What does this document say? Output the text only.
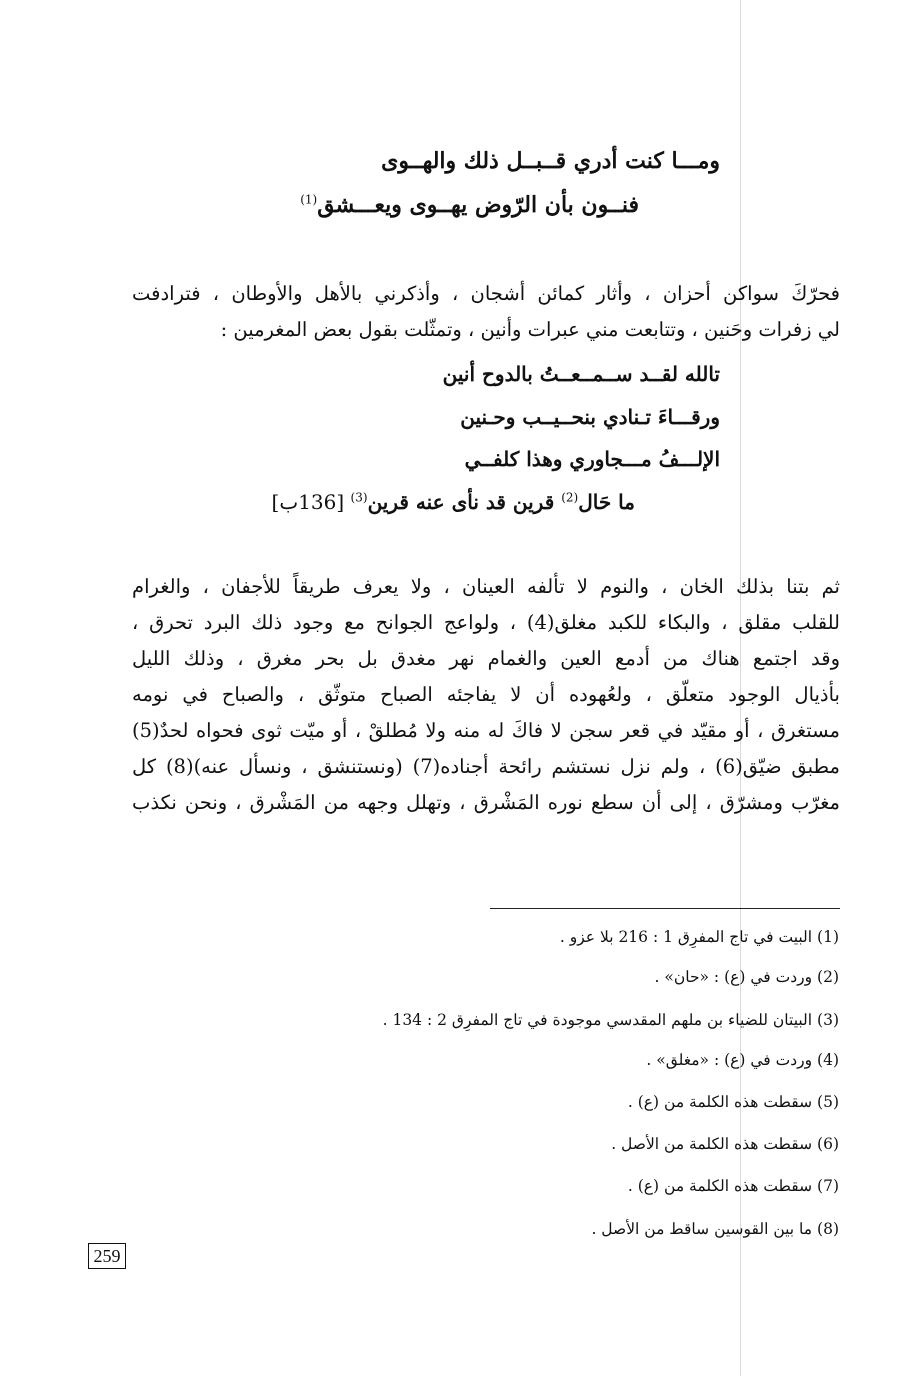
ومـــا كنت أدري قــبــل ذلك والهــوى
فنــون بأن الرّوض يهــوى ويعـــشق$^{(1)}$
فحرّكَ سواكن أحزان ، وأثار كمائن أشجان ، وأذكرني بالأهل والأوطان ، فترادفت
لي زفرات وحَنين ، وتتابعت مني عبرات وأنين ، وتمثّلت بقول بعض المغرمين :
تالله لقــد ســمــعــتُ بالدوح أنين
ورقـــاءَ تـنادي بنحــيــب وحـنين
الإلـــفُ مـــجاوري وهذا كلفــي
ما حَال$^{(2)}$ قرين قد نأى عنه قرين$^{(3)}$ [136ب]
ثم بتنا بذلك الخان ، والنوم لا تألفه العينان ، ولا يعرف طريقاً للأجفان ، والغرام
للقلب مقلق ، والبكاء للكبد مغلق(4) ، ولواعج الجوانح مع وجود ذلك البرد تحرق ،
وقد اجتمع هناك من أدمع العين والغمام نهر مغدق بل بحر مغرق ، وذلك الليل
بأذيال الوجود متعلّق ، ولعُهوده أن لا يفاجئه الصباح متوثّق ، والصباح في نومه
مستغرق ، أو مقيّد في قعر سجن لا فاكَ له منه ولا مُطلقْ ، أو ميّت ثوى فحواه لحدٌ(5)
مطبق ضيّق(6) ، ولم نزل نستشم رائحة أجناده(7) (ونستنشق ، ونسأل عنه)(8) كل
مغرّب ومشرّق ، إلى أن سطع نوره المَشْرق ، وتهلل وجهه من المَشْرق ، ونحن نكذب
(1) البيت في تاج المفرِق 1 : 216 بلا عزو .
(2) وردت في (ع) : «حان» .
(3) البيتان للضياء بن ملهم المقدسي موجودة في تاج المفرِق 2 : 134 .
(4) وردت في (ع) : «مغلق» .
(5) سقطت هذه الكلمة من (ع) .
(6) سقطت هذه الكلمة من الأصل .
(7) سقطت هذه الكلمة من (ع) .
(8) ما بين القوسين ساقط من الأصل .
259
